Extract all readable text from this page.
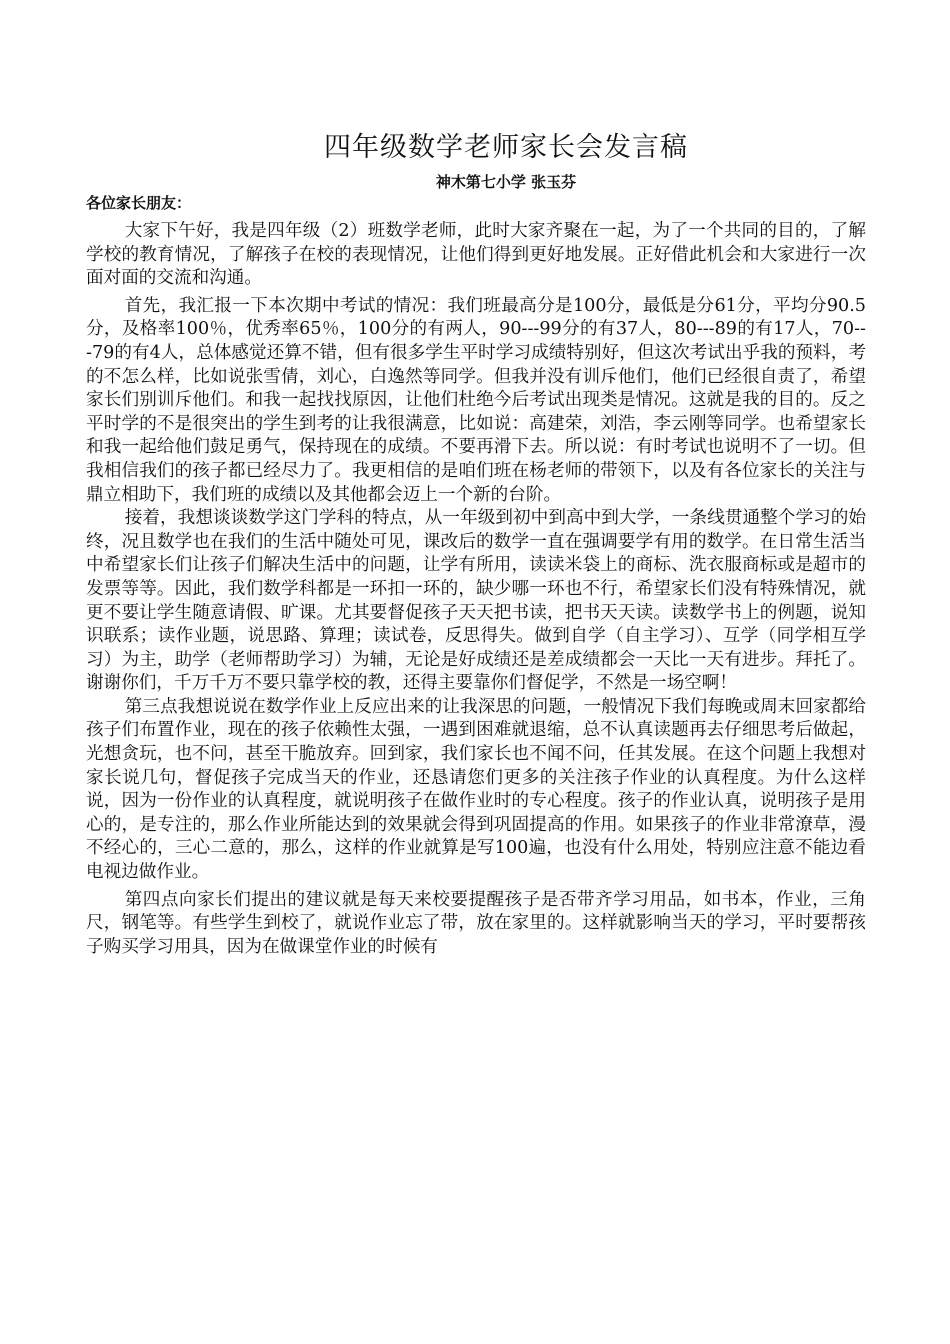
四年级数学老师家长会发言稿

神木第七小学 张玉芬

各位家长朋友：

大家下午好，我是四年级（2）班数学老师，此时大家齐聚在一起，为了一个共同的目的，了解学校的教育情况，了解孩子在校的表现情况，让他们得到更好地发展。正好借此机会和大家进行一次面对面的交流和沟通。

首先，我汇报一下本次期中考试的情况：我们班最高分是100分，最低是分61分，平均分90.5分，及格率100％，优秀率65％，100分的有两人，90---99分的有37人，80---89的有17人，70---79的有4人，总体感觉还算不错，但有很多学生平时学习成绩特别好，但这次考试出乎我的预料，考的不怎么样，比如说张雪倩，刘心，白逸然等同学。但我并没有训斥他们，他们已经很自责了，希望家长们别训斥他们。和我一起找找原因，让他们杜绝今后考试出现类是情况。这就是我的目的。反之平时学的不是很突出的学生到考的让我很满意，比如说：高建荣，刘浩，李云刚等同学。也希望家长和我一起给他们鼓足勇气，保持现在的成绩。不要再滑下去。所以说：有时考试也说明不了一切。但我相信我们的孩子都已经尽力了。我更相信的是咱们班在杨老师的带领下，以及有各位家长的关注与鼎立相助下，我们班的成绩以及其他都会迈上一个新的台阶。

接着，我想谈谈数学这门学科的特点，从一年级到初中到高中到大学，一条线贯通整个学习的始终，况且数学也在我们的生活中随处可见，课改后的数学一直在强调要学有用的数学。在日常生活当中希望家长们让孩子们解决生活中的问题，让学有所用，读读米袋上的商标、洗衣服商标或是超市的发票等等。因此，我们数学科都是一环扣一环的，缺少哪一环也不行，希望家长们没有特殊情况，就更不要让学生随意请假、旷课。尤其要督促孩子天天把书读，把书天天读。读数学书上的例题，说知识联系；读作业题，说思路、算理；读试卷，反思得失。做到自学（自主学习）、互学（同学相互学习）为主，助学（老师帮助学习）为辅，无论是好成绩还是差成绩都会一天比一天有进步。拜托了。谢谢你们，千万千万不要只靠学校的教，还得主要靠你们督促学，不然是一场空啊！

第三点我想说说在数学作业上反应出来的让我深思的问题，一般情况下我们每晚或周末回家都给孩子们布置作业，现在的孩子依赖性太强，一遇到困难就退缩，总不认真读题再去仔细思考后做起，光想贪玩，也不问，甚至干脆放弃。回到家，我们家长也不闻不问，任其发展。在这个问题上我想对家长说几句，督促孩子完成当天的作业，还恳请您们更多的关注孩子作业的认真程度。为什么这样说，因为一份作业的认真程度，就说明孩子在做作业时的专心程度。孩子的作业认真，说明孩子是用心的，是专注的，那么作业所能达到的效果就会得到巩固提高的作用。如果孩子的作业非常潦草，漫不经心的，三心二意的，那么，这样的作业就算是写100遍，也没有什么用处，特别应注意不能边看电视边做作业。

第四点向家长们提出的建议就是每天来校要提醒孩子是否带齐学习用品，如书本，作业，三角尺，钢笔等。有些学生到校了，就说作业忘了带，放在家里的。这样就影响当天的学习，平时要帮孩子购买学习用具，因为在做课堂作业的时候有
